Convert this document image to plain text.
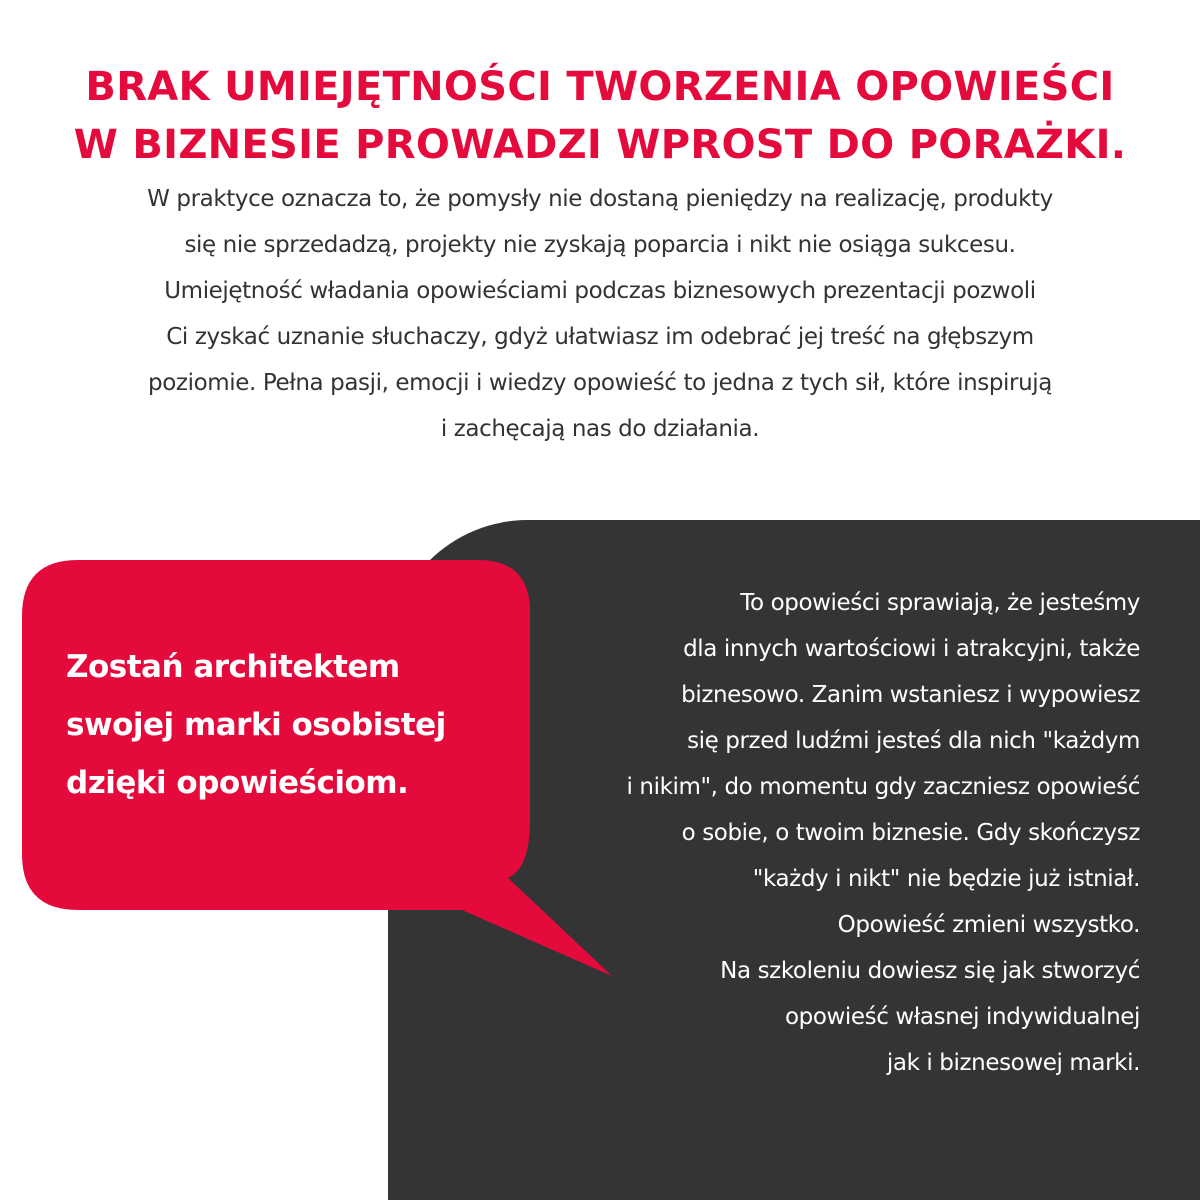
BRAK UMIEJĘTNOŚCI TWORZENIA OPOWIEŚCI
W BIZNESIE PROWADZI WPROST DO PORAŻKI.
W praktyce oznacza to, że pomysły nie dostaną pieniędzy na realizację, produkty
się nie sprzedadzą, projekty nie zyskają poparcia i nikt nie osiąga sukcesu.
Umiejętność władania opowieściami podczas biznesowych prezentacji pozwoli
Ci zyskać uznanie słuchaczy, gdyż ułatwiasz im odebrać jej treść na głębszym
poziomie. Pełna pasji, emocji i wiedzy opowieść to jedna z tych sił, które inspirują
i zachęcają nas do działania.
To opowieści sprawiają, że jesteśmy
dla innych wartościowi i atrakcyjni, także
biznesowo. Zanim wstaniesz i wypowiesz
się przed ludźmi jesteś dla nich "każdym
i nikim", do momentu gdy zaczniesz opowieść
o sobie, o twoim biznesie. Gdy skończysz
"każdy i nikt" nie będzie już istniał.
Opowieść zmieni wszystko.
Na szkoleniu dowiesz się jak stworzyć
opowieść własnej indywidualnej
jak i biznesowej marki.
Zostań architektem
swojej marki osobistej
dzięki opowieściom.
